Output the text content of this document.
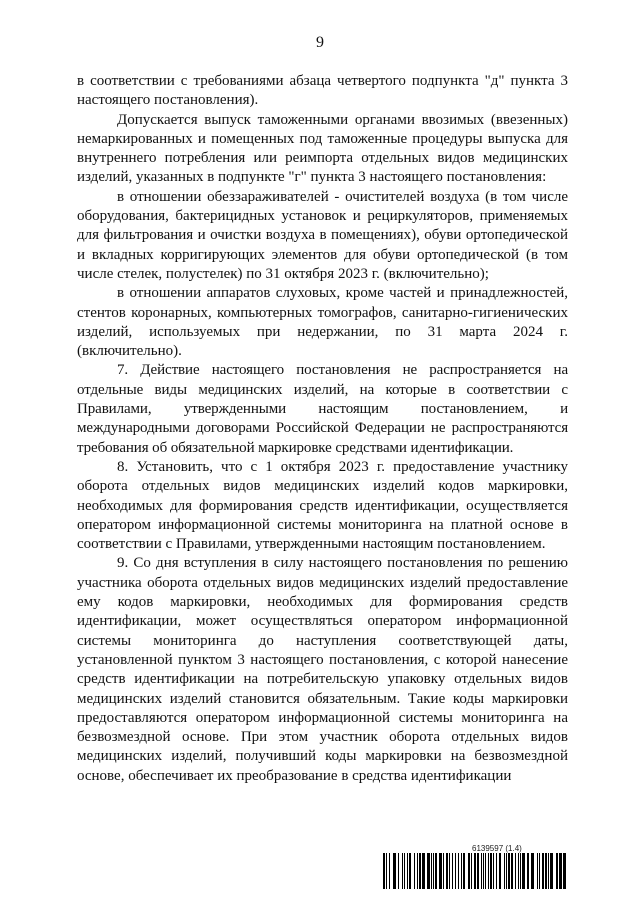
9

в соответствии с требованиями абзаца четвертого подпункта "д" пункта 3 настоящего постановления).

Допускается выпуск таможенными органами ввозимых (ввезенных) немаркированных и помещенных под таможенные процедуры выпуска для внутреннего потребления или реимпорта отдельных видов медицинских изделий, указанных в подпункте "г" пункта 3 настоящего постановления:

в отношении обеззараживателей - очистителей воздуха (в том числе оборудования, бактерицидных установок и рециркуляторов, применяемых для фильтрования и очистки воздуха в помещениях), обуви ортопедической и вкладных корригирующих элементов для обуви ортопедической (в том числе стелек, полустелек) по 31 октября 2023 г. (включительно);

в отношении аппаратов слуховых, кроме частей и принадлежностей, стентов коронарных, компьютерных томографов, санитарно-гигиенических изделий, используемых при недержании, по 31 марта 2024 г. (включительно).

7. Действие настоящего постановления не распространяется на отдельные виды медицинских изделий, на которые в соответствии с Правилами, утвержденными настоящим постановлением, и международными договорами Российской Федерации не распространяются требования об обязательной маркировке средствами идентификации.

8. Установить, что с 1 октября 2023 г. предоставление участнику оборота отдельных видов медицинских изделий кодов маркировки, необходимых для формирования средств идентификации, осуществляется оператором информационной системы мониторинга на платной основе в соответствии с Правилами, утвержденными настоящим постановлением.

9. Со дня вступления в силу настоящего постановления по решению участника оборота отдельных видов медицинских изделий предоставление ему кодов маркировки, необходимых для формирования средств идентификации, может осуществляться оператором информационной системы мониторинга до наступления соответствующей даты, установленной пунктом 3 настоящего постановления, с которой нанесение средств идентификации на потребительскую упаковку отдельных видов медицинских изделий становится обязательным. Такие коды маркировки предоставляются оператором информационной системы мониторинга на безвозмездной основе. При этом участник оборота отдельных видов медицинских изделий, получивший коды маркировки на безвозмездной основе, обеспечивает их преобразование в средства идентификации

6139597 (1.4)
